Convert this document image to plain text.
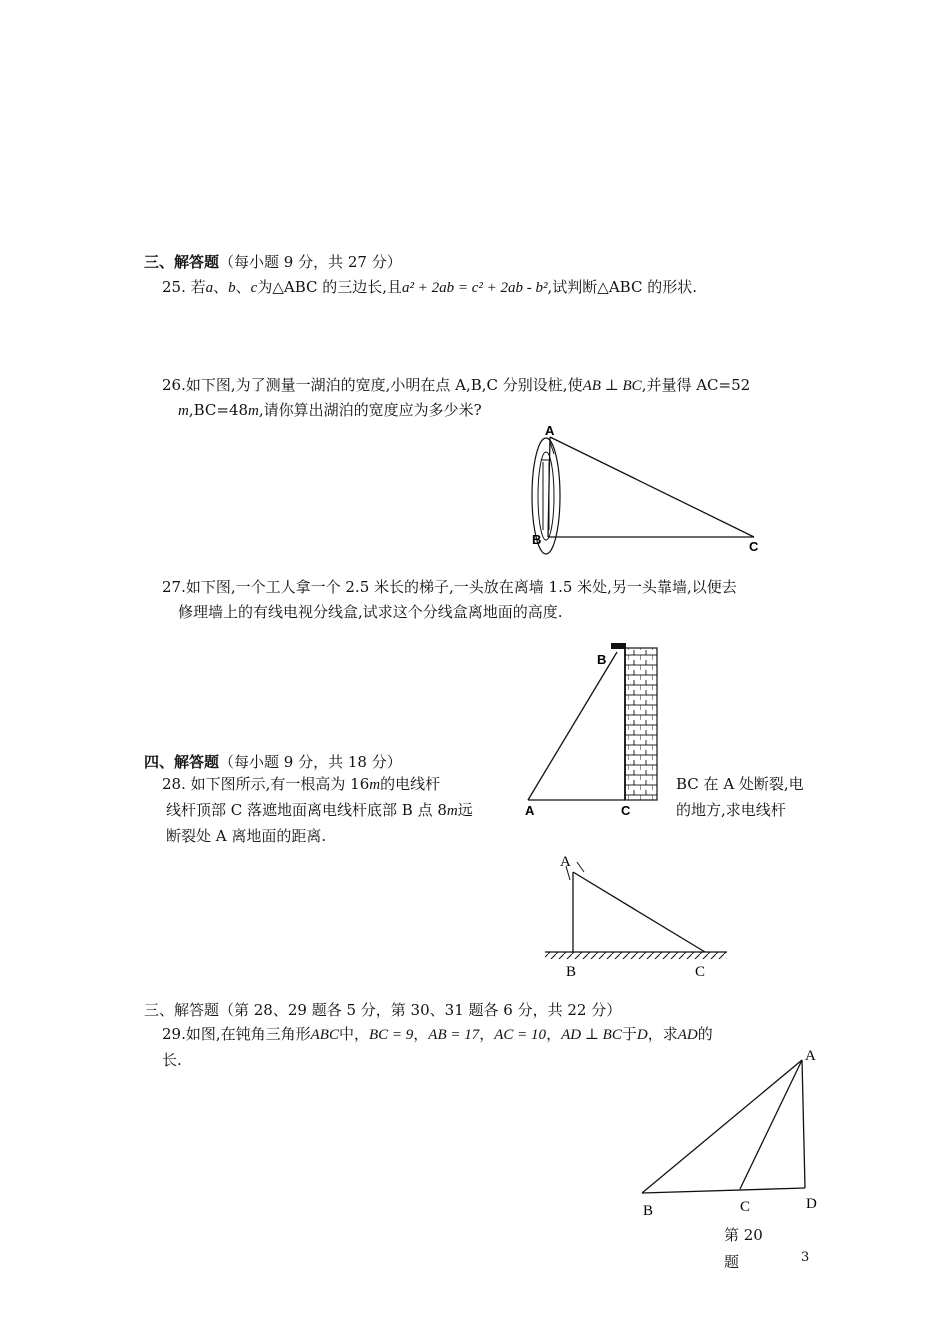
三、解答题（每小题 9 分，共 27 分）
25. 若a、b、c为△ABC 的三边长,且a² + 2ab = c² + 2ab - b²,试判断△ABC 的形状.
26.如下图,为了测量一湖泊的宽度,小明在点 A,B,C 分别设桩,使AB ⊥ BC,并量得 AC=52
m,BC=48m,请你算出湖泊的宽度应为多少米?
A
B	C
27.如下图,一个工人拿一个 2.5 米长的梯子,一头放在离墙 1.5 米处,另一头靠墙,以便去
修理墙上的有线电视分线盒,试求这个分线盒离地面的高度.
B
A	C
四、解答题（每小题 9 分，共 18 分）
28. 如下图所示,有一根高为 16m的电线杆	BC 在 A 处断裂,电
线杆顶部 C 落遮地面离电线杆底部 B 点 8m远	的地方,求电线杆
断裂处 A 离地面的距离.
A
B	C
三、解答题（第 28、29 题各 5 分，第 30、31 题各 6 分，共 22 分）
29.如图,在钝角三角形ABC中，BC = 9，AB = 17，AC = 10，AD ⊥ BC于D，求AD的
长.	A
B	C	D
第 20
题	3
